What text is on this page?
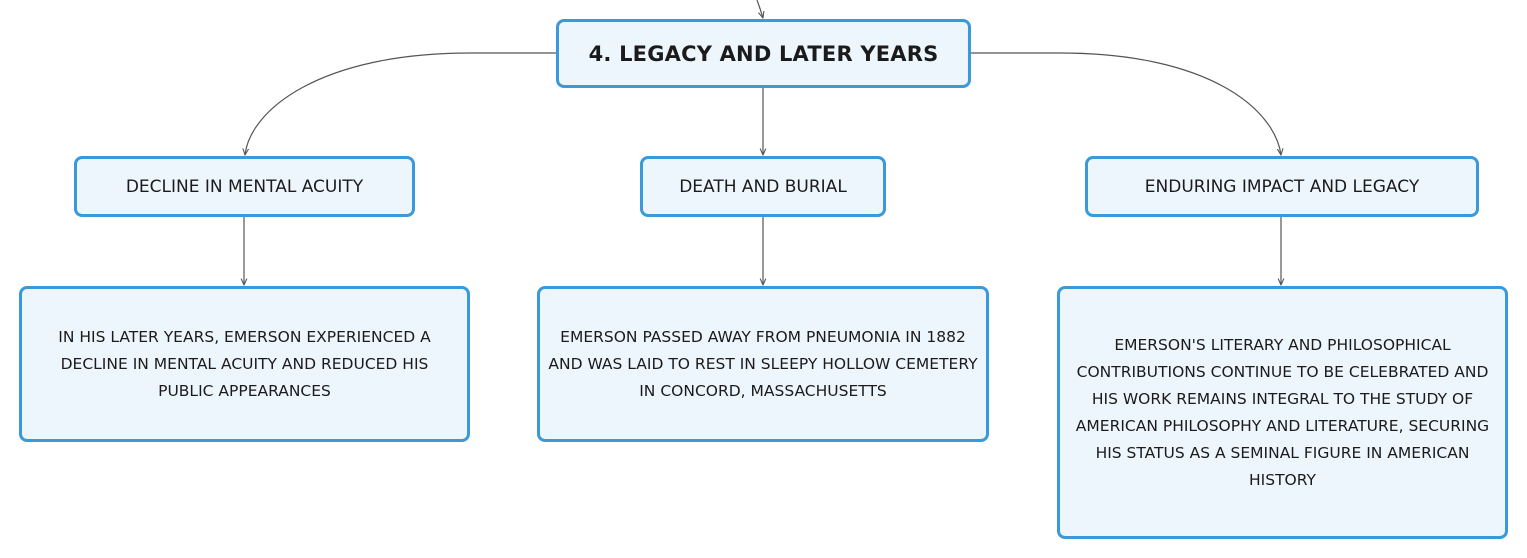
4. LEGACY AND LATER YEARS
DECLINE IN MENTAL ACUITY	DEATH AND BURIAL	ENDURING IMPACT AND LEGACY
IN HIS LATER YEARS, EMERSON EXPERIENCED A DECLINE IN MENTAL ACUITY AND REDUCED HIS PUBLIC APPEARANCES
EMERSON PASSED AWAY FROM PNEUMONIA IN 1882 AND WAS LAID TO REST IN SLEEPY HOLLOW CEMETERY IN CONCORD, MASSACHUSETTS
EMERSON'S LITERARY AND PHILOSOPHICAL CONTRIBUTIONS CONTINUE TO BE CELEBRATED AND HIS WORK REMAINS INTEGRAL TO THE STUDY OF AMERICAN PHILOSOPHY AND LITERATURE, SECURING HIS STATUS AS A SEMINAL FIGURE IN AMERICAN HISTORY
